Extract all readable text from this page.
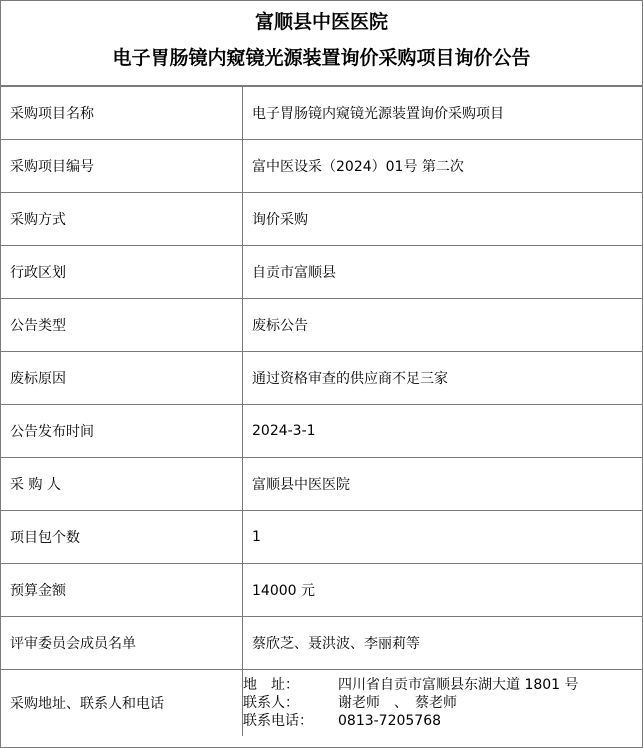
富顺县中医医院
电子胃肠镜内窥镜光源装置询价采购项目询价公告
采购项目名称	电子胃肠镜内窥镜光源装置询价采购项目
采购项目编号	富中医设采（2024）01号 第二次
采购方式	询价采购
行政区划	自贡市富顺县
公告类型	废标公告
废标原因	通过资格审查的供应商不足三家
公告发布时间	2024-3-1
采 购 人	富顺县中医医院
项目包个数	1
预算金额	14000 元
评审委员会成员名单	蔡欣芝、聂洪波、李丽莉等
采购地址、联系人和电话	地　址： 四川省自贡市富顺县东湖大道 1801 号
联系人： 谢老师　、　蔡老师
联系电话： 0813-7205768
